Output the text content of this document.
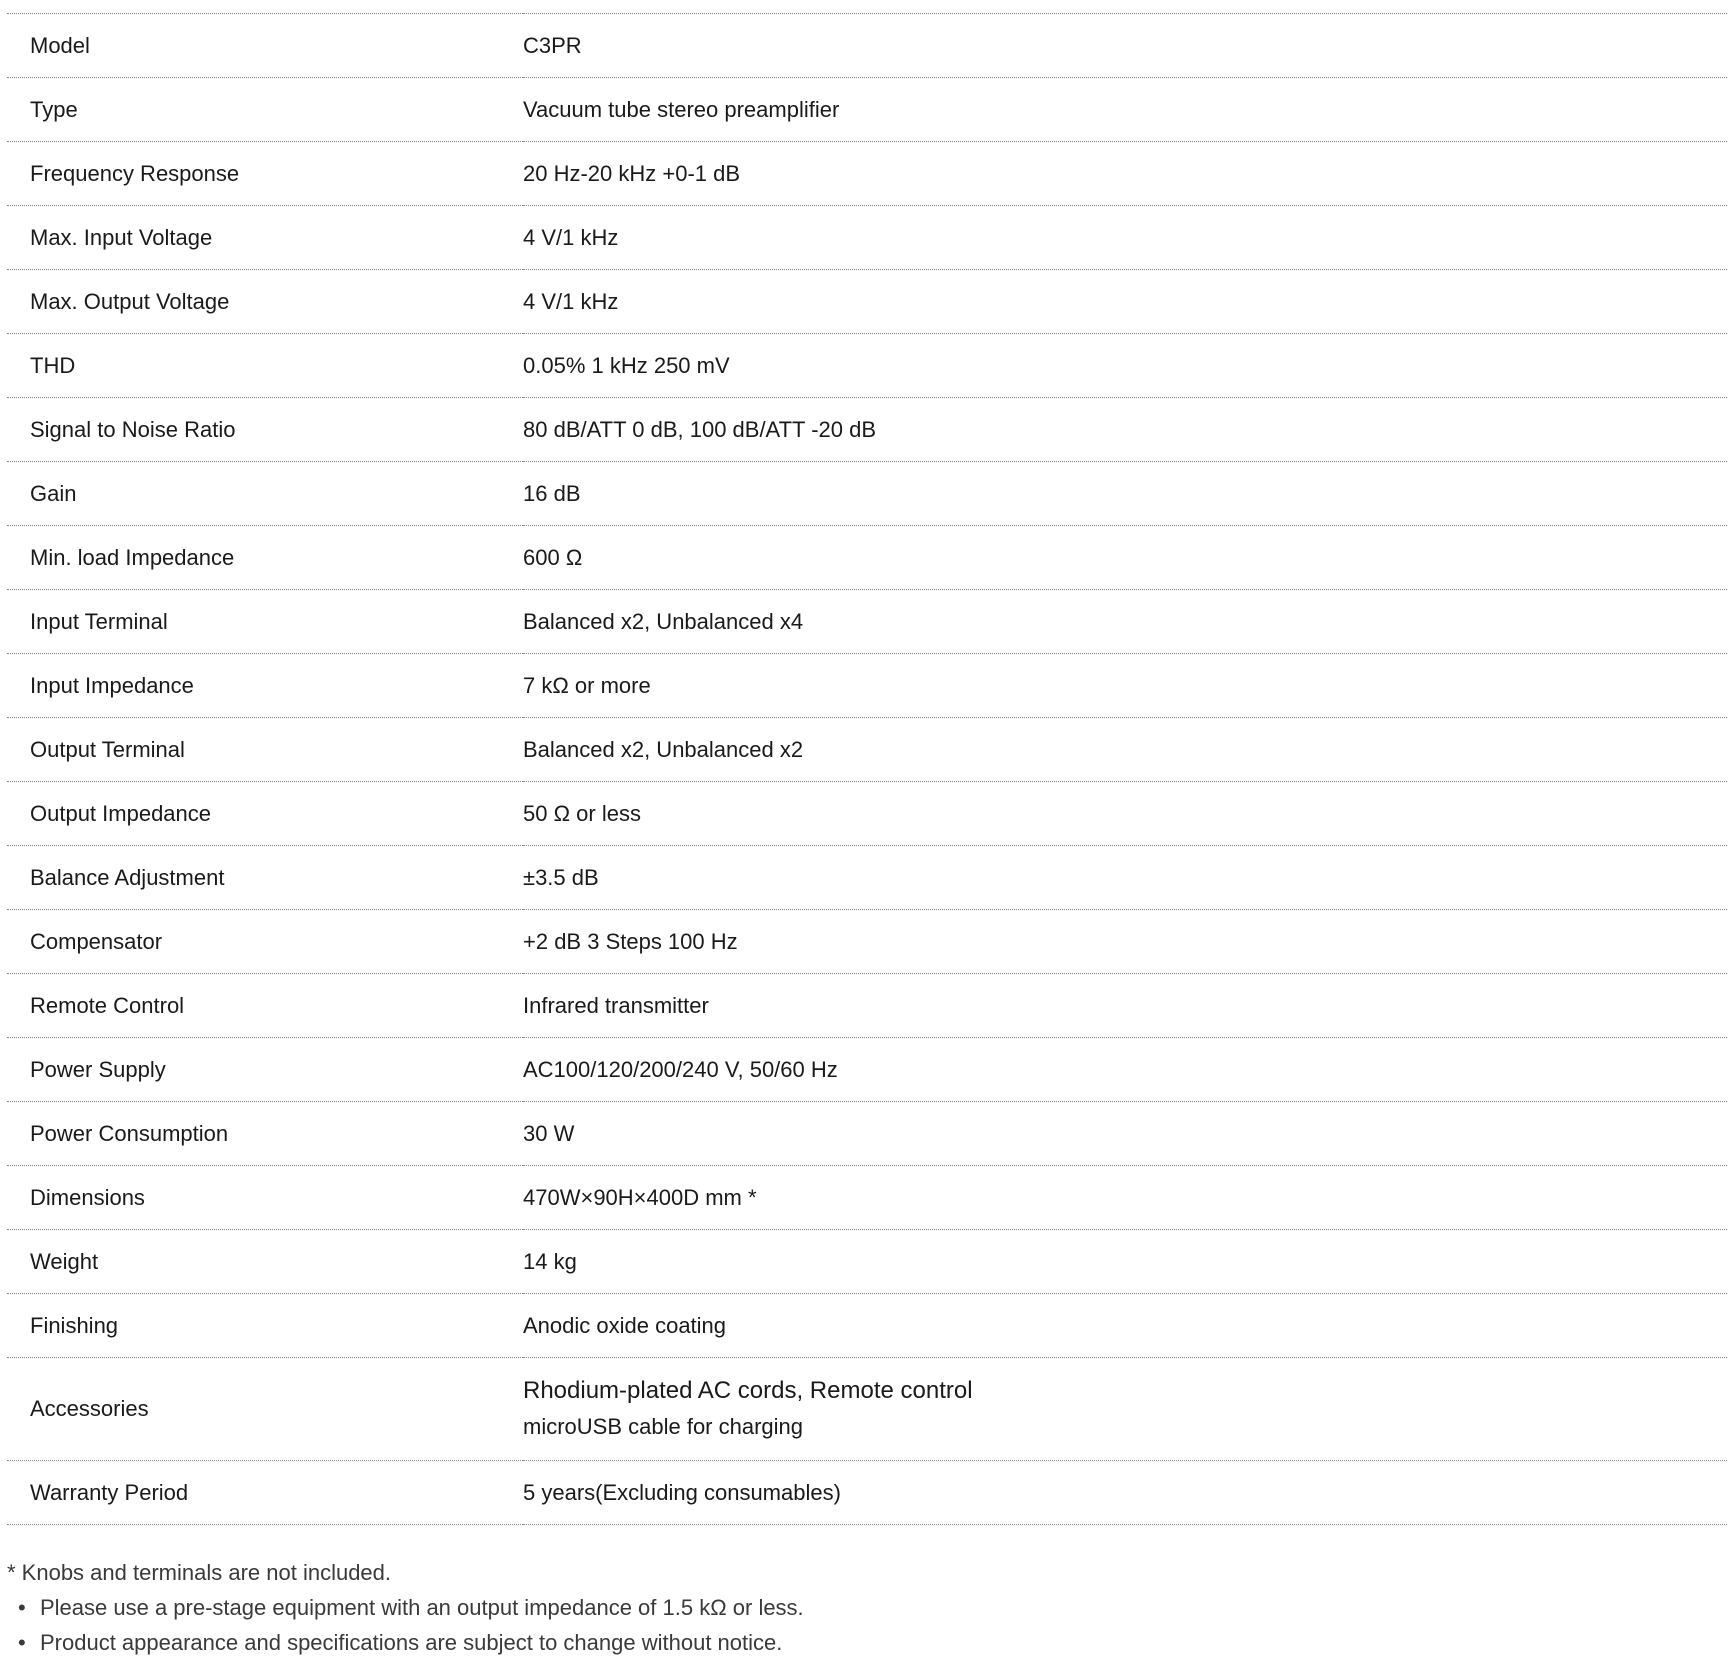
Model	C3PR
Type	Vacuum tube stereo preamplifier
Frequency Response	20 Hz-20 kHz +0-1 dB
Max. Input Voltage	4 V/1 kHz
Max. Output Voltage	4 V/1 kHz
THD	0.05% 1 kHz 250 mV
Signal to Noise Ratio	80 dB/ATT 0 dB, 100 dB/ATT -20 dB
Gain	16 dB
Min. load Impedance	600 Ω
Input Terminal	Balanced x2, Unbalanced x4
Input Impedance	7 kΩ or more
Output Terminal	Balanced x2, Unbalanced x2
Output Impedance	50 Ω or less
Balance Adjustment	±3.5 dB
Compensator	+2 dB 3 Steps 100 Hz
Remote Control	Infrared transmitter
Power Supply	AC100/120/200/240 V, 50/60 Hz
Power Consumption	30 W
Dimensions	470W×90H×400D mm *
Weight	14 kg
Finishing	Anodic oxide coating
Accessories	Rhodium-plated AC cords, Remote control
microUSB cable for charging

Warranty Period	5 years(Excluding consumables)

* Knobs and terminals are not included.

• Please use a pre-stage equipment with an output impedance of 1.5 kΩ or less.
• Product appearance and specifications are subject to change without notice.
